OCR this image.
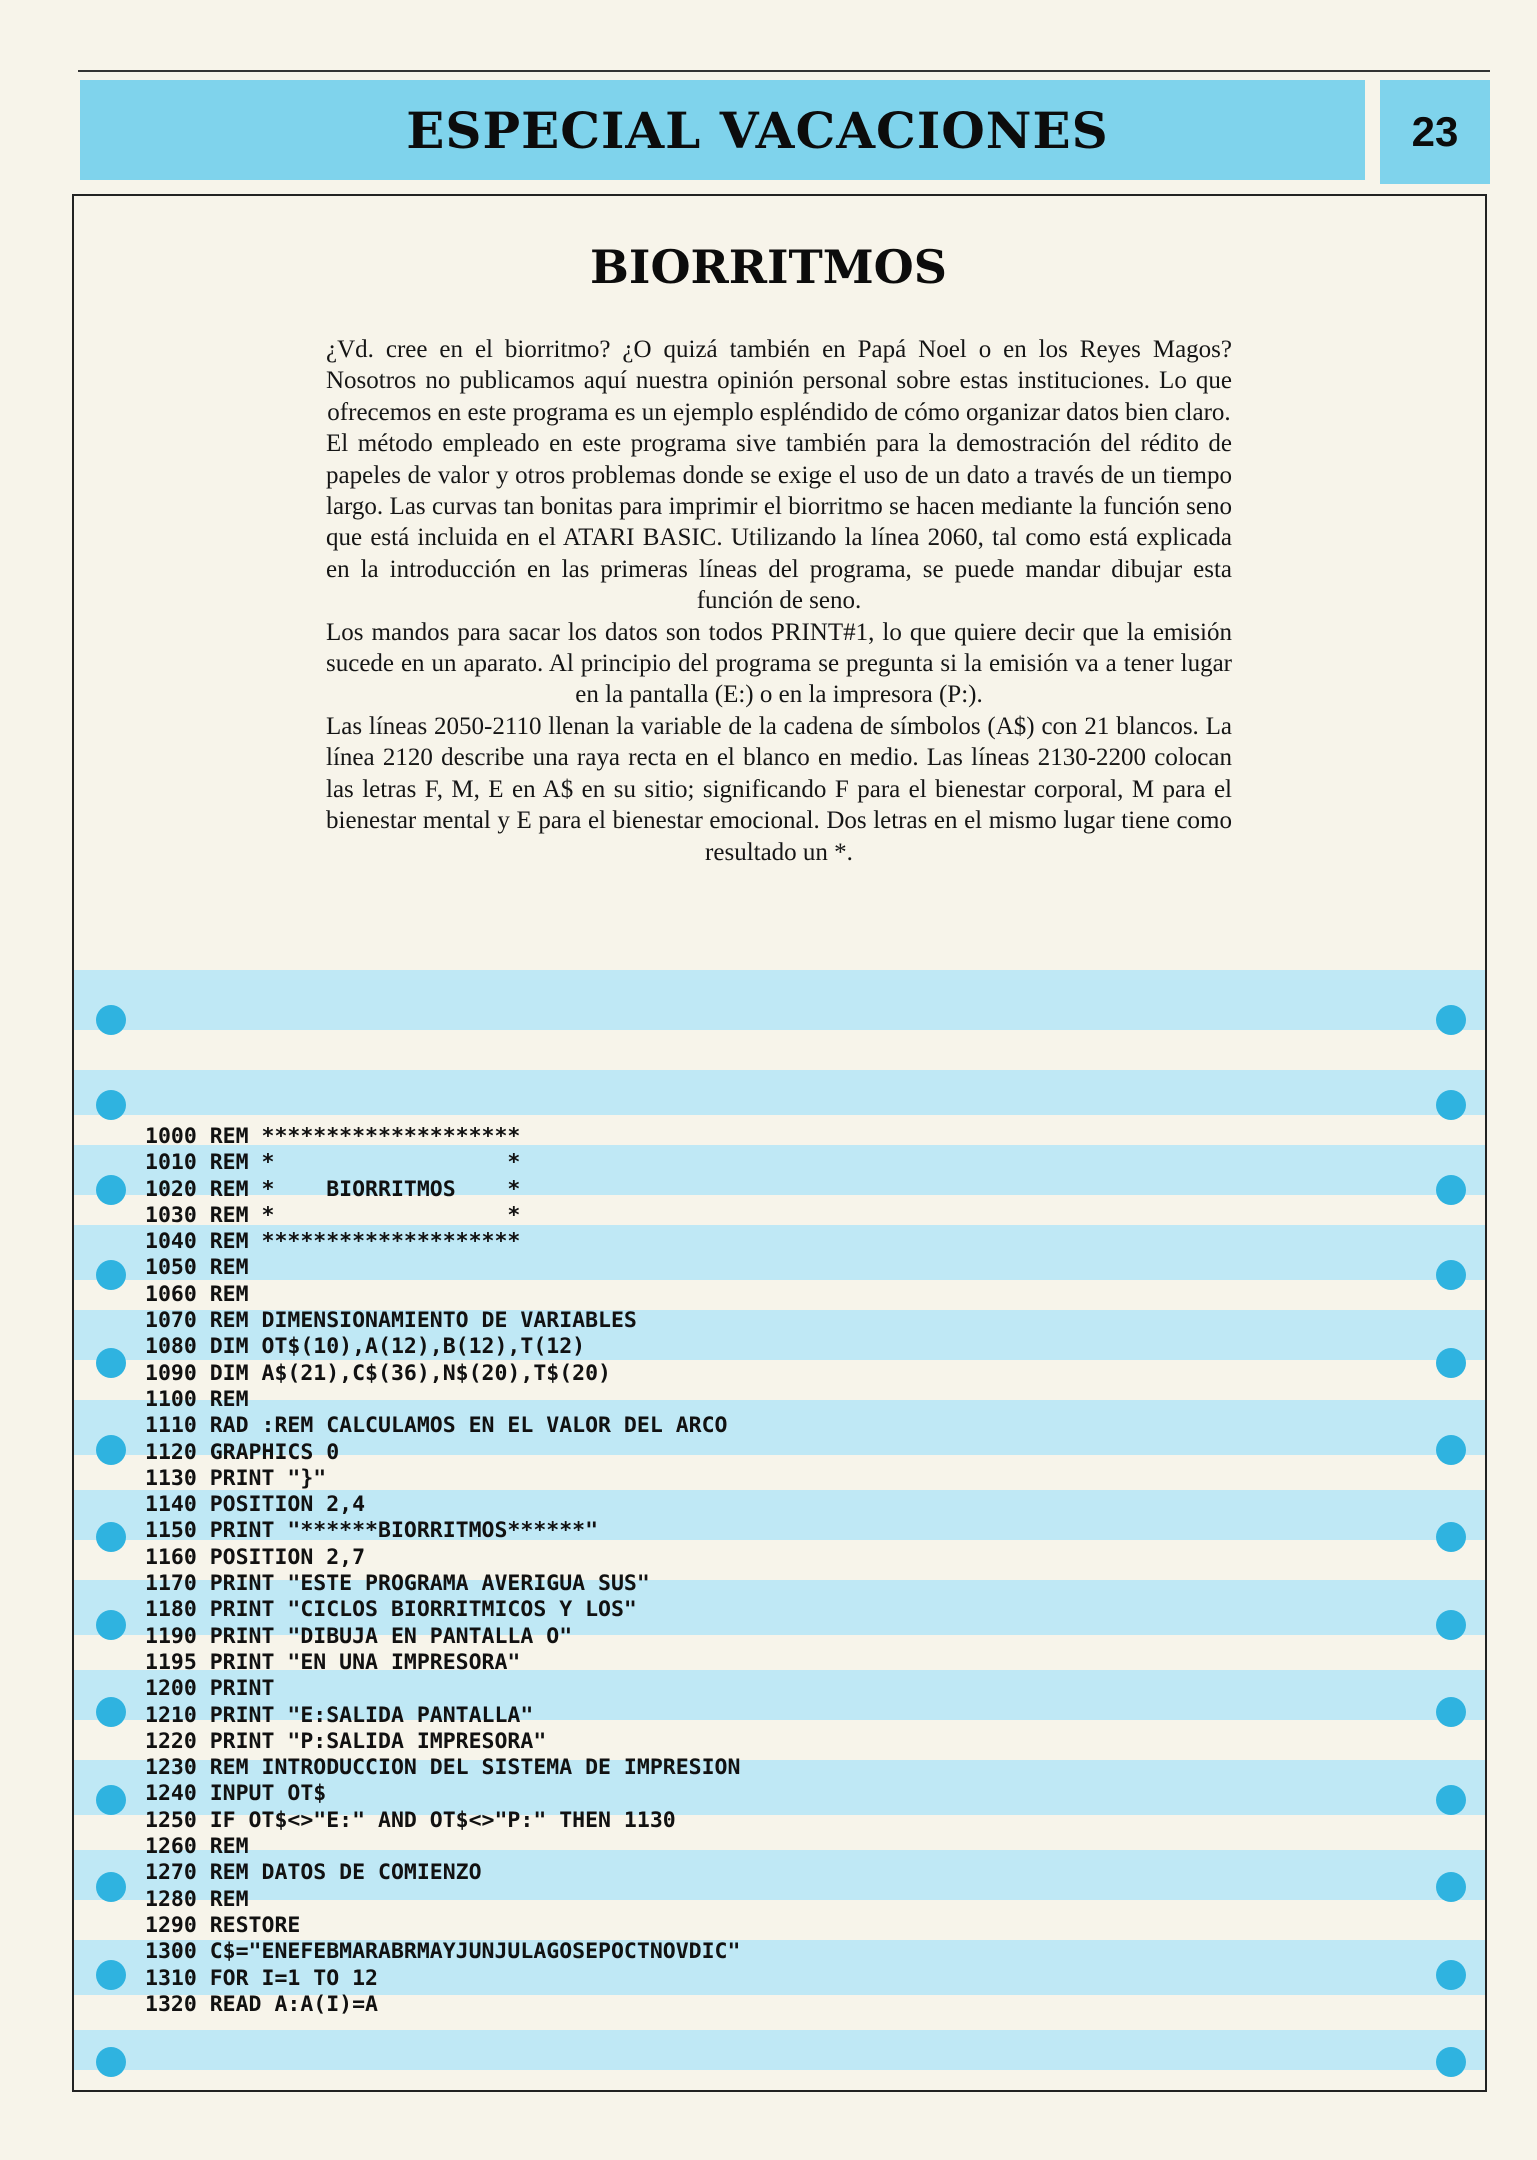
ESPECIAL VACACIONES	23
BIORRITMOS

¿Vd. cree en el biorritmo? ¿O quizá también en Papá Noel o en los Reyes Magos? Nosotros no publicamos aquí nuestra opinión personal sobre estas instituciones. Lo que ofrecemos en este programa es un ejemplo espléndido de cómo organizar datos bien claro.

El método empleado en este programa sive también para la demostración del rédito de papeles de valor y otros problemas donde se exige el uso de un dato a través de un tiempo largo. Las curvas tan bonitas para imprimir el biorritmo se hacen mediante la función seno que está incluida en el ATARI BASIC. Utilizando la línea 2060, tal como está explicada en la introducción en las primeras líneas del programa, se puede mandar dibujar esta función de seno.

Los mandos para sacar los datos son todos PRINT#1, lo que quiere decir que la emisión sucede en un aparato. Al principio del programa se pregunta si la emisión va a tener lugar en la pantalla (E:) o en la impresora (P:).

Las líneas 2050-2110 llenan la variable de la cadena de símbolos (A$) con 21 blancos. La línea 2120 describe una raya recta en el blanco en medio. Las líneas 2130-2200 colocan las letras F, M, E en A$ en su sitio; significando F para el bienestar corporal, M para el bienestar mental y E para el bienestar emocional. Dos letras en el mismo lugar tiene como resultado un *.

1000 REM ********************
1010 REM *                  *
1020 REM *    BIORRITMOS    *
1030 REM *                  *
1040 REM ********************
1050 REM
1060 REM
1070 REM DIMENSIONAMIENTO DE VARIABLES
1080 DIM OT$(10),A(12),B(12),T(12)
1090 DIM A$(21),C$(36),N$(20),T$(20)
1100 REM
1110 RAD :REM CALCULAMOS EN EL VALOR DEL ARCO
1120 GRAPHICS 0
1130 PRINT "}"
1140 POSITION 2,4
1150 PRINT "******BIORRITMOS******"
1160 POSITION 2,7
1170 PRINT "ESTE PROGRAMA AVERIGUA SUS"
1180 PRINT "CICLOS BIORRITMICOS Y LOS"
1190 PRINT "DIBUJA EN PANTALLA O"
1195 PRINT "EN UNA IMPRESORA"
1200 PRINT
1210 PRINT "E:SALIDA PANTALLA"
1220 PRINT "P:SALIDA IMPRESORA"
1230 REM INTRODUCCION DEL SISTEMA DE IMPRESION
1240 INPUT OT$
1250 IF OT$<>"E:" AND OT$<>"P:" THEN 1130
1260 REM
1270 REM DATOS DE COMIENZO
1280 REM
1290 RESTORE
1300 C$="ENEFEBMARABRMAYJUNJULAGOSEPOCTNOVDIC"
1310 FOR I=1 TO 12
1320 READ A:A(I)=A
